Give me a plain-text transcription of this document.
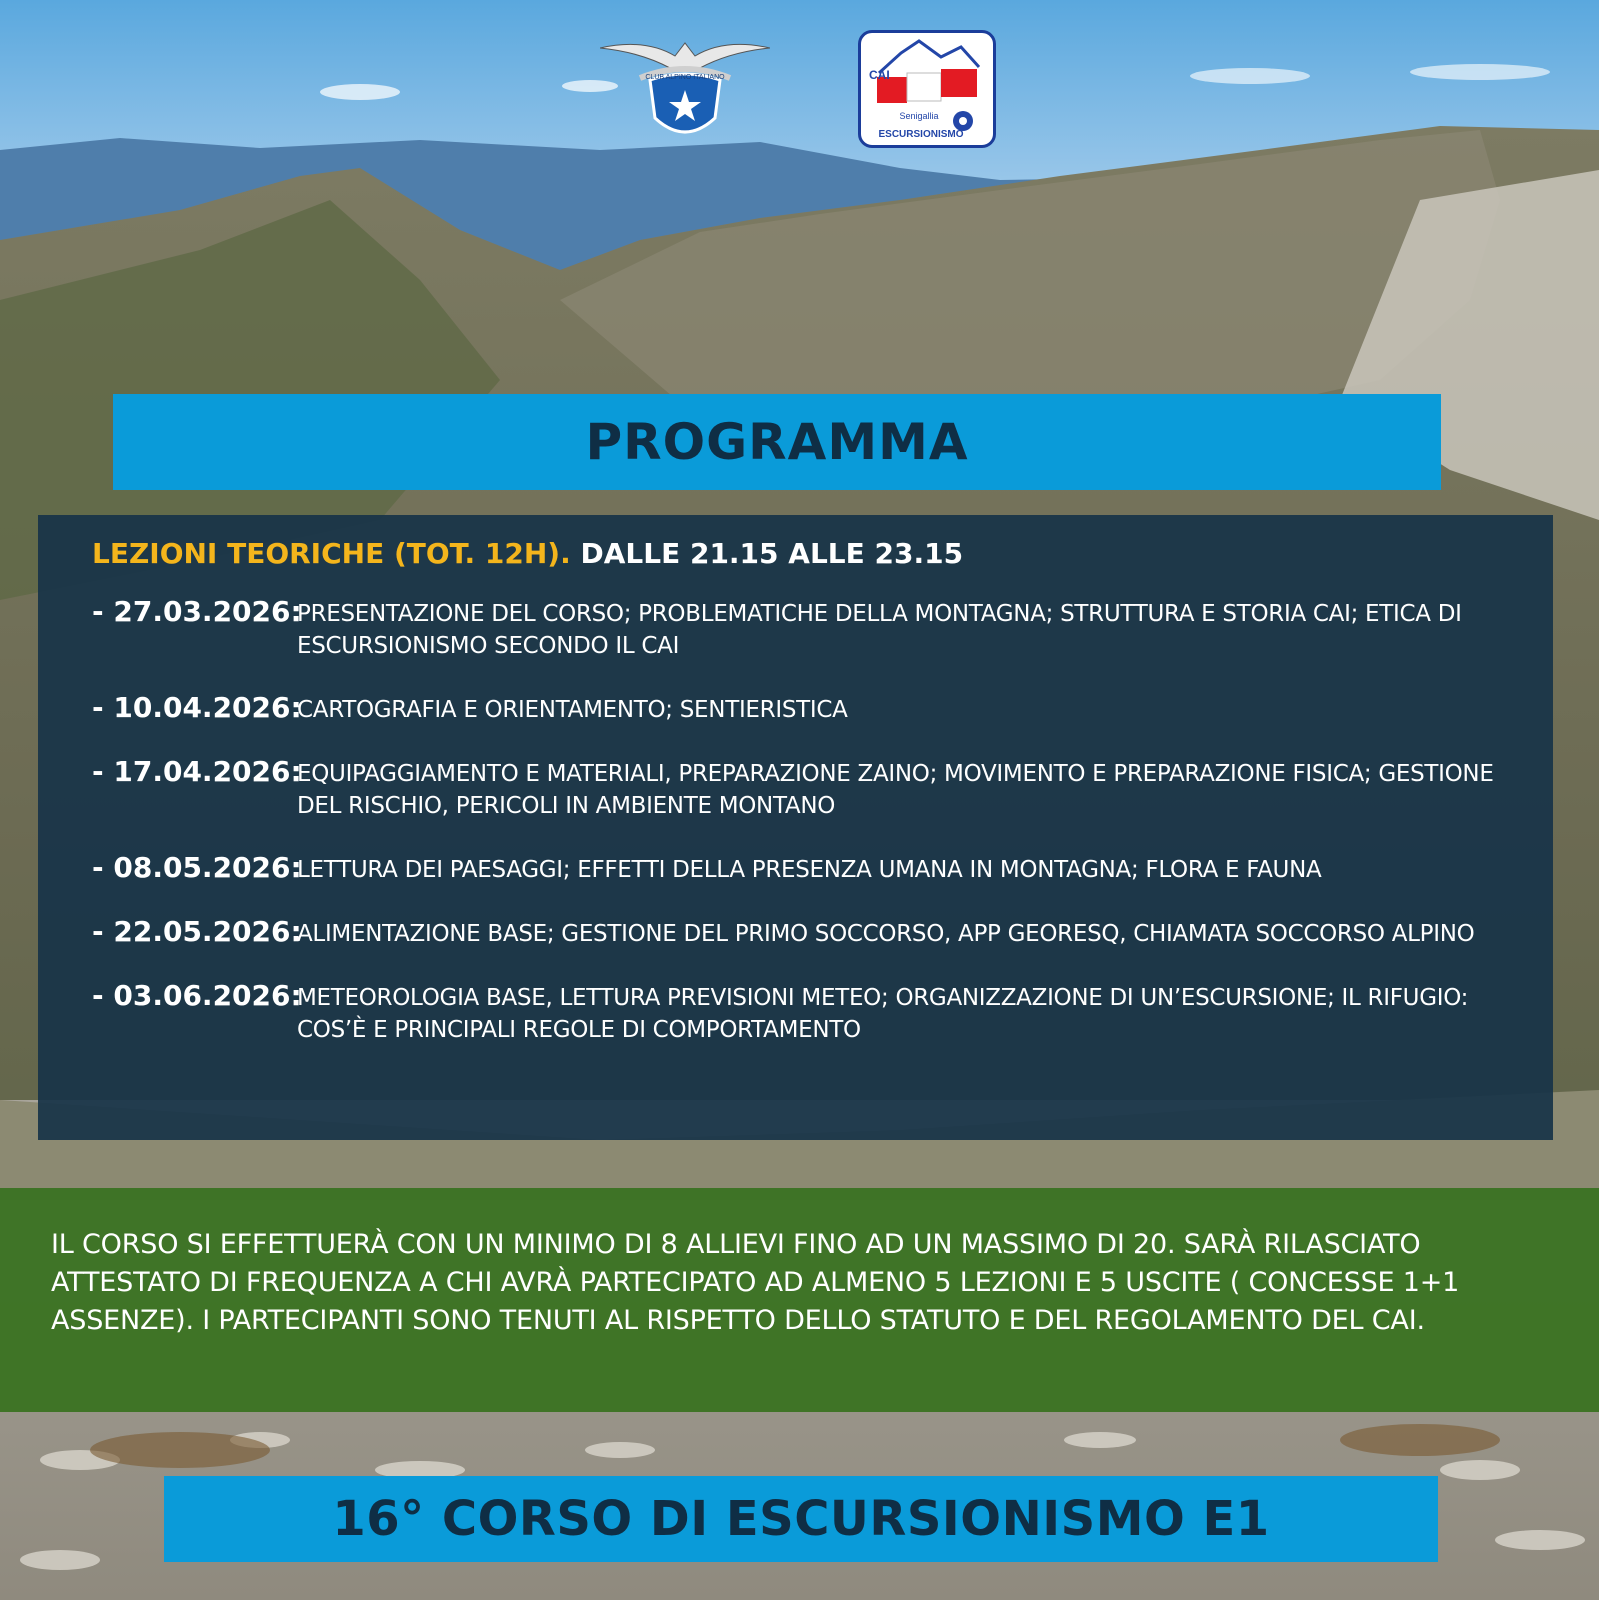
CLUB ALPINO ITALIANO	CAI
Senigallia
ESCURSIONISMO
PROGRAMMA
LEZIONI TEORICHE (TOT. 12H). DALLE 21.15 ALLE 23.15
- 27.03.2026:
PRESENTAZIONE DEL CORSO; PROBLEMATICHE DELLA MONTAGNA; STRUTTURA E STORIA CAI; ETICA DI ESCURSIONISMO SECONDO IL CAI
- 10.04.2026:
CARTOGRAFIA E ORIENTAMENTO; SENTIERISTICA
- 17.04.2026:
EQUIPAGGIAMENTO E MATERIALI, PREPARAZIONE ZAINO; MOVIMENTO E PREPARAZIONE FISICA; GESTIONE DEL RISCHIO, PERICOLI IN AMBIENTE MONTANO
- 08.05.2026:
LETTURA DEI PAESAGGI; EFFETTI DELLA PRESENZA UMANA IN MONTAGNA; FLORA E FAUNA
- 22.05.2026:
ALIMENTAZIONE BASE; GESTIONE DEL PRIMO SOCCORSO, APP GEORESQ, CHIAMATA SOCCORSO ALPINO
- 03.06.2026:
METEOROLOGIA BASE, LETTURA PREVISIONI METEO; ORGANIZZAZIONE DI UN’ESCURSIONE; IL RIFUGIO: COS’È E PRINCIPALI REGOLE DI COMPORTAMENTO

IL CORSO SI EFFETTUERÀ CON UN MINIMO DI 8 ALLIEVI FINO AD UN MASSIMO DI 20. SARÀ RILASCIATO ATTESTATO DI FREQUENZA A CHI AVRÀ PARTECIPATO AD ALMENO 5 LEZIONI E 5 USCITE ( CONCESSE 1+1 ASSENZE). I PARTECIPANTI SONO TENUTI AL RISPETTO DELLO STATUTO E DEL REGOLAMENTO DEL CAI.

16° CORSO DI ESCURSIONISMO E1
